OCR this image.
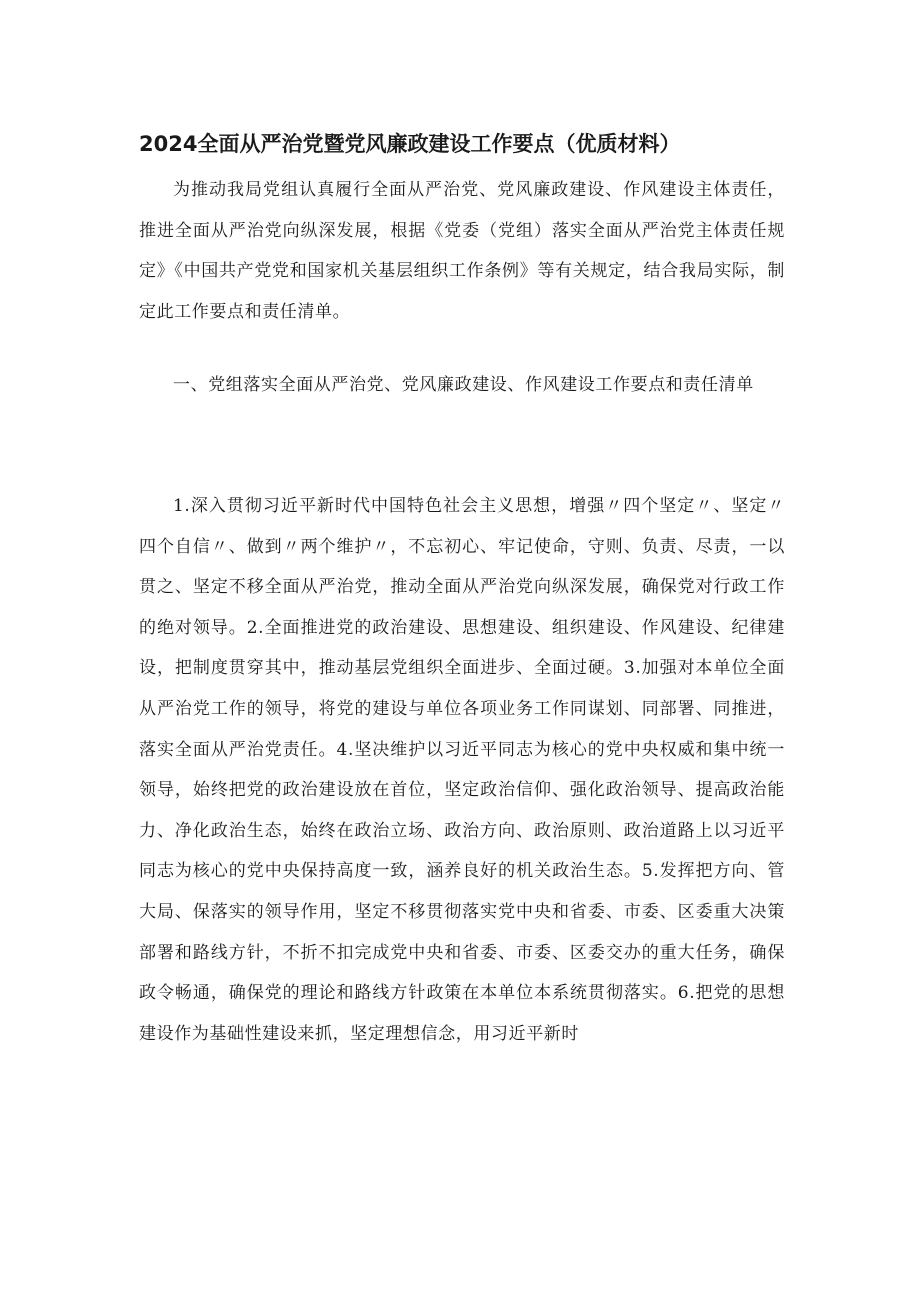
2024全面从严治党暨党风廉政建设工作要点（优质材料）

为推动我局党组认真履行全面从严治党、党风廉政建设、作风建设主体责任，推进全面从严治党向纵深发展，根据《党委（党组）落实全面从严治党主体责任规定》《中国共产党党和国家机关基层组织工作条例》等有关规定，结合我局实际，制定此工作要点和责任清单。

一、党组落实全面从严治党、党风廉政建设、作风建设工作要点和责任清单

1.深入贯彻习近平新时代中国特色社会主义思想，增强〃四个坚定〃、坚定〃四个自信〃、做到〃两个维护〃，不忘初心、牢记使命，守则、负责、尽责，一以贯之、坚定不移全面从严治党，推动全面从严治党向纵深发展，确保党对行政工作的绝对领导。2.全面推进党的政治建设、思想建设、组织建设、作风建设、纪律建设，把制度贯穿其中，推动基层党组织全面进步、全面过硬。3.加强对本单位全面从严治党工作的领导，将党的建设与单位各项业务工作同谋划、同部署、同推进，落实全面从严治党责任。4.坚决维护以习近平同志为核心的党中央权威和集中统一领导，始终把党的政治建设放在首位，坚定政治信仰、强化政治领导、提高政治能力、净化政治生态，始终在政治立场、政治方向、政治原则、政治道路上以习近平同志为核心的党中央保持高度一致，涵养良好的机关政治生态。5.发挥把方向、管大局、保落实的领导作用，坚定不移贯彻落实党中央和省委、市委、区委重大决策部署和路线方针，不折不扣完成党中央和省委、市委、区委交办的重大任务，确保政令畅通，确保党的理论和路线方针政策在本单位本系统贯彻落实。6.把党的思想建设作为基础性建设来抓，坚定理想信念，用习近平新时
